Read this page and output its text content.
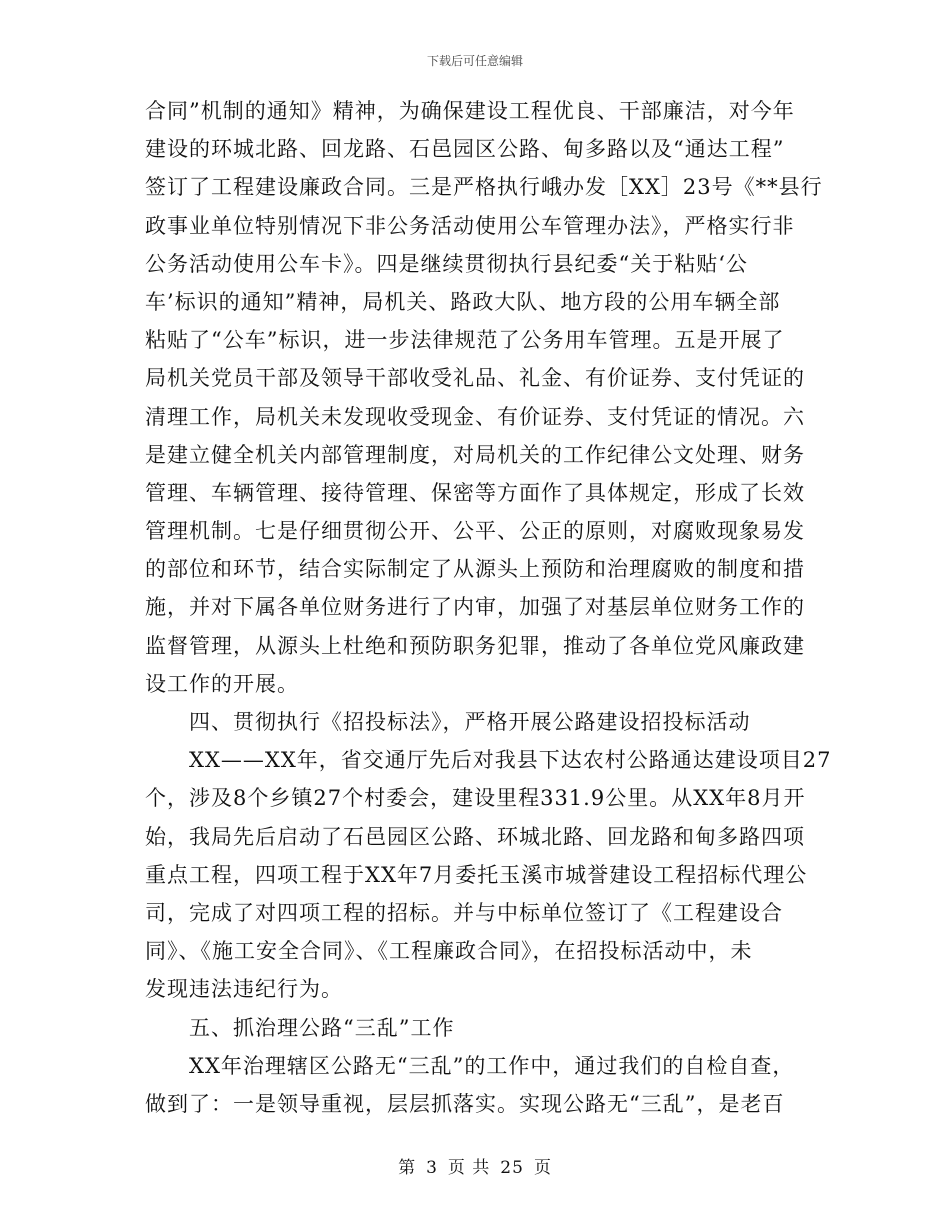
下载后可任意编辑
合同”机制的通知》精神，为确保建设工程优良、干部廉洁，对今年
建设的环城北路、回龙路、石邑园区公路、甸多路以及“通达工程”
签订了工程建设廉政合同。三是严格执行峨办发［XX］23号《**县行
政事业单位特别情况下非公务活动使用公车管理办法》，严格实行非
公务活动使用公车卡》。四是继续贯彻执行县纪委“关于粘贴‘公
车’标识的通知”精神，局机关、路政大队、地方段的公用车辆全部
粘贴了“公车”标识，进一步法律规范了公务用车管理。五是开展了
局机关党员干部及领导干部收受礼品、礼金、有价证券、支付凭证的
清理工作，局机关未发现收受现金、有价证券、支付凭证的情况。六
是建立健全机关内部管理制度，对局机关的工作纪律公文处理、财务
管理、车辆管理、接待管理、保密等方面作了具体规定，形成了长效
管理机制。七是仔细贯彻公开、公平、公正的原则，对腐败现象易发
的部位和环节，结合实际制定了从源头上预防和治理腐败的制度和措
施，并对下属各单位财务进行了内审，加强了对基层单位财务工作的
监督管理，从源头上杜绝和预防职务犯罪，推动了各单位党风廉政建
设工作的开展。
四、贯彻执行《招投标法》，严格开展公路建设招投标活动
XX——XX年，省交通厅先后对我县下达农村公路通达建设项目27
个，涉及8个乡镇27个村委会，建设里程331.9公里。从XX年8月开
始，我局先后启动了石邑园区公路、环城北路、回龙路和甸多路四项
重点工程，四项工程于XX年7月委托玉溪市城誉建设工程招标代理公
司，完成了对四项工程的招标。并与中标单位签订了《工程建设合
同》、《施工安全合同》、《工程廉政合同》，在招投标活动中，未
发现违法违纪行为。
五、抓治理公路“三乱”工作
XX年治理辖区公路无“三乱”的工作中，通过我们的自检自查，
做到了：一是领导重视，层层抓落实。实现公路无“三乱”，是老百
第 3 页 共 25 页
